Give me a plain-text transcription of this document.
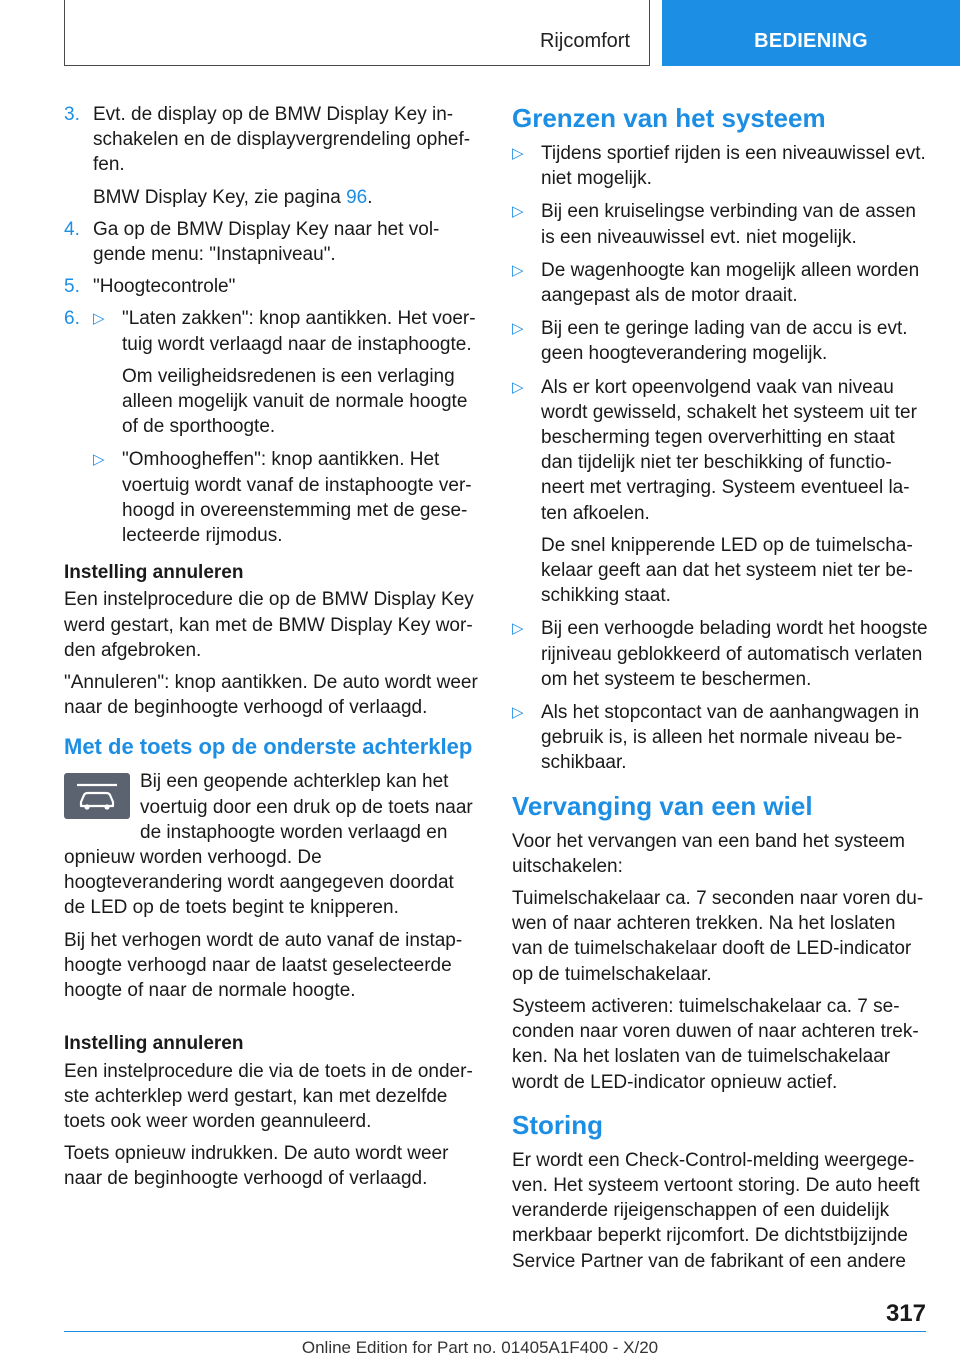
Rijcomfort	BEDIENING
3. Evt. de display op de BMW Display Key inschakelen en de displayvergrendeling opheffen.

BMW Display Key, zie pagina 96.

4. Ga op de BMW Display Key naar het volgende menu: "Instapniveau".

5. "Hoogtecontrole"

6. ▷ "Laten zakken": knop aantikken. Het voertuig wordt verlaagd naar de instaphoogte.

Om veiligheidsredenen is een verlaging alleen mogelijk vanuit de normale hoogte of de sporthoogte.

▷ "Omhoogheffen": knop aantikken. Het voertuig wordt vanaf de instaphoogte verhoogd in overeenstemming met de geselecteerde rijmodus.

Instelling annuleren

Een instelprocedure die op de BMW Display Key werd gestart, kan met de BMW Display Key worden afgebroken.

"Annuleren": knop aantikken. De auto wordt weer naar de beginhoogte verhoogd of verlaagd.

Met de toets op de onderste achterklep

Bij een geopende achterklep kan het voertuig door een druk op de toets naar de instaphoogte worden verlaagd en opnieuw worden verhoogd. De hoogteverandering wordt aangegeven doordat de LED op de toets begint te knipperen.

Bij het verhogen wordt de auto vanaf de instaphoogte verhoogd naar de laatst geselecteerde hoogte of naar de normale hoogte.

Instelling annuleren

Een instelprocedure die via de toets in de onderste achterklep werd gestart, kan met dezelfde toets ook weer worden geannuleerd.

Toets opnieuw indrukken. De auto wordt weer naar de beginhoogte verhoogd of verlaagd.

Grenzen van het systeem
▷ Tijdens sportief rijden is een niveauwissel evt. niet mogelijk.

▷ Bij een kruiselingse verbinding van de assen is een niveauwissel evt. niet mogelijk.

▷ De wagenhoogte kan mogelijk alleen worden aangepast als de motor draait.

▷ Bij een te geringe lading van de accu is evt. geen hoogteverandering mogelijk.

▷ Als er kort opeenvolgend vaak van niveau wordt gewisseld, schakelt het systeem uit ter bescherming tegen oververhitting en staat dan tijdelijk niet ter beschikking of functioneert met vertraging. Systeem eventueel laten afkoelen.

De snel knipperende LED op de tuimelschakelaar geeft aan dat het systeem niet ter beschikking staat.

▷ Bij een verhoogde belading wordt het hoogste rijniveau geblokkeerd of automatisch verlaten om het systeem te beschermen.

▷ Als het stopcontact van de aanhangwagen in gebruik is, is alleen het normale niveau beschikbaar.

Vervanging van een wiel

Voor het vervangen van een band het systeem uitschakelen:

Tuimelschakelaar ca. 7 seconden naar voren duwen of naar achteren trekken. Na het loslaten van de tuimelschakelaar dooft de LED-indicator op de tuimelschakelaar.

Systeem activeren: tuimelschakelaar ca. 7 seconden naar voren duwen of naar achteren trekken. Na het loslaten van de tuimelschakelaar wordt de LED-indicator opnieuw actief.

Storing

Er wordt een Check-Control-melding weergegeven. Het systeem vertoont storing. De auto heeft veranderde rijeigenschappen of een duidelijk merkbaar beperkt rijcomfort. De dichtstbijzijnde Service Partner van de fabrikant of een andere

317
Online Edition for Part no. 01405A1F400 - X/20
